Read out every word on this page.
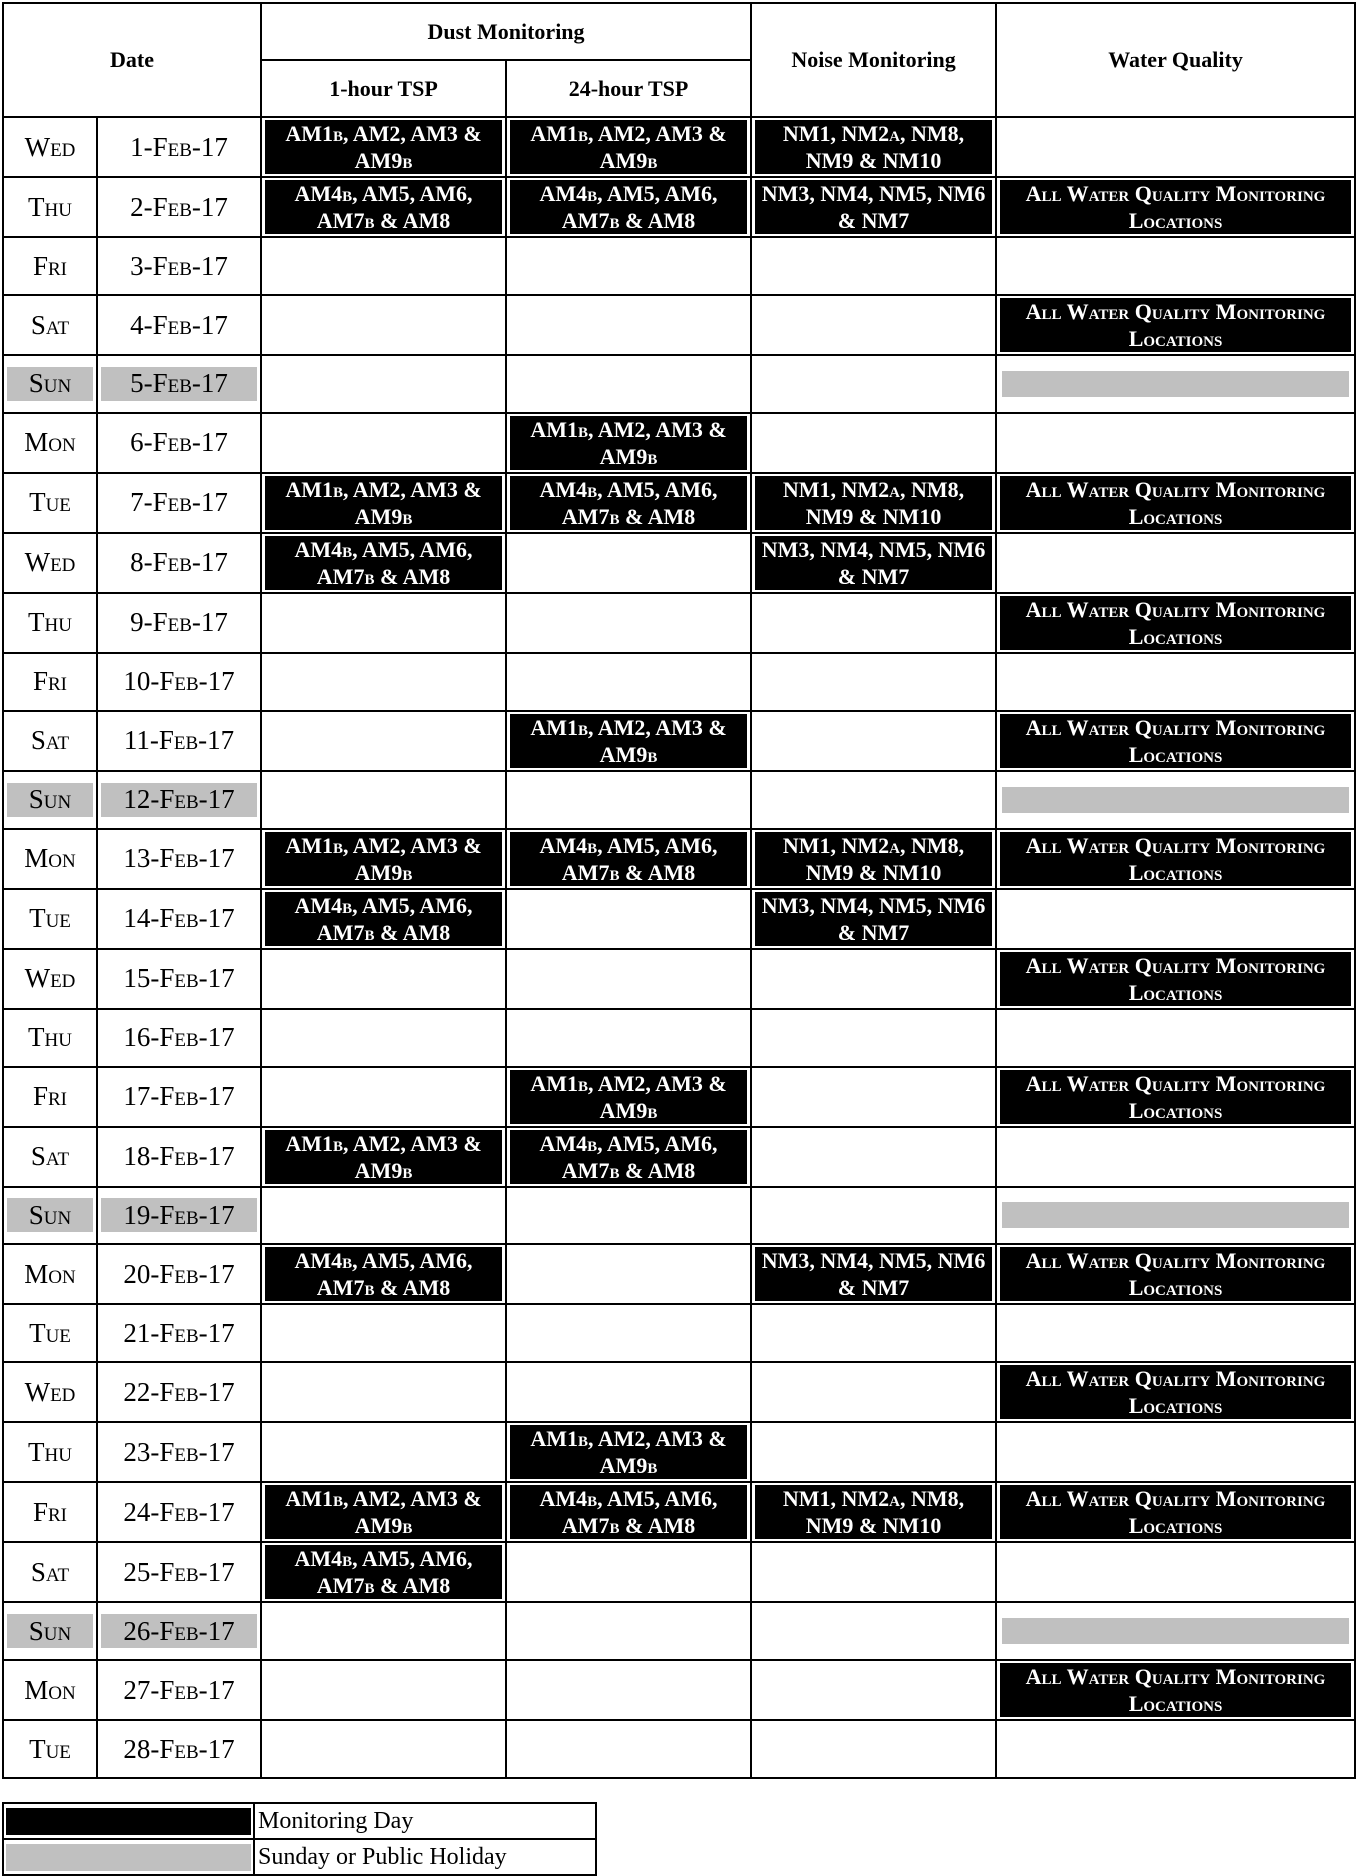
Date		Dust Monitoring		Noise Monitoring	Water Quality
		1-hour TSP	24-hour TSP		

Wed	1-Feb-17	AM1b, AM2, AM3 & AM9b	AM1b, AM2, AM3 & AM9b	NM1, NM2a, NM8, NM9 & NM10	

Thu	2-Feb-17	AM4b, AM5, AM6, AM7b & AM8	AM4b, AM5, AM6, AM7b & AM8	NM3, NM4, NM5, NM6 & NM7	All Water Quality Monitoring Locations

Fri	3-Feb-17				

Sat	4-Feb-17				All Water Quality Monitoring Locations

Sun	5-Feb-17				

Mon	6-Feb-17		AM1b, AM2, AM3 & AM9b		

Tue	7-Feb-17	AM1b, AM2, AM3 & AM9b	AM4b, AM5, AM6, AM7b & AM8	NM1, NM2a, NM8, NM9 & NM10	All Water Quality Monitoring Locations

Wed	8-Feb-17	AM4b, AM5, AM6, AM7b & AM8		NM3, NM4, NM5, NM6 & NM7	

Thu	9-Feb-17				All Water Quality Monitoring Locations

Fri	10-Feb-17				

Sat	11-Feb-17		AM1b, AM2, AM3 & AM9b		All Water Quality Monitoring Locations

Sun	12-Feb-17				

Mon	13-Feb-17	AM1b, AM2, AM3 & AM9b	AM4b, AM5, AM6, AM7b & AM8	NM1, NM2a, NM8, NM9 & NM10	All Water Quality Monitoring Locations

Tue	14-Feb-17	AM4b, AM5, AM6, AM7b & AM8		NM3, NM4, NM5, NM6 & NM7	

Wed	15-Feb-17				All Water Quality Monitoring Locations

Thu	16-Feb-17				

Fri	17-Feb-17		AM1b, AM2, AM3 & AM9b		All Water Quality Monitoring Locations

Sat	18-Feb-17	AM1b, AM2, AM3 & AM9b	AM4b, AM5, AM6, AM7b & AM8		

Sun	19-Feb-17				

Mon	20-Feb-17	AM4b, AM5, AM6, AM7b & AM8		NM3, NM4, NM5, NM6 & NM7	All Water Quality Monitoring Locations

Tue	21-Feb-17				

Wed	22-Feb-17				All Water Quality Monitoring Locations

Thu	23-Feb-17		AM1b, AM2, AM3 & AM9b		

Fri	24-Feb-17	AM1b, AM2, AM3 & AM9b	AM4b, AM5, AM6, AM7b & AM8	NM1, NM2a, NM8, NM9 & NM10	All Water Quality Monitoring Locations

Sat	25-Feb-17	AM4b, AM5, AM6, AM7b & AM8			

Sun	26-Feb-17				

Mon	27-Feb-17				All Water Quality Monitoring Locations

Tue	28-Feb-17				

	Monitoring Day

	Sunday or Public Holiday
